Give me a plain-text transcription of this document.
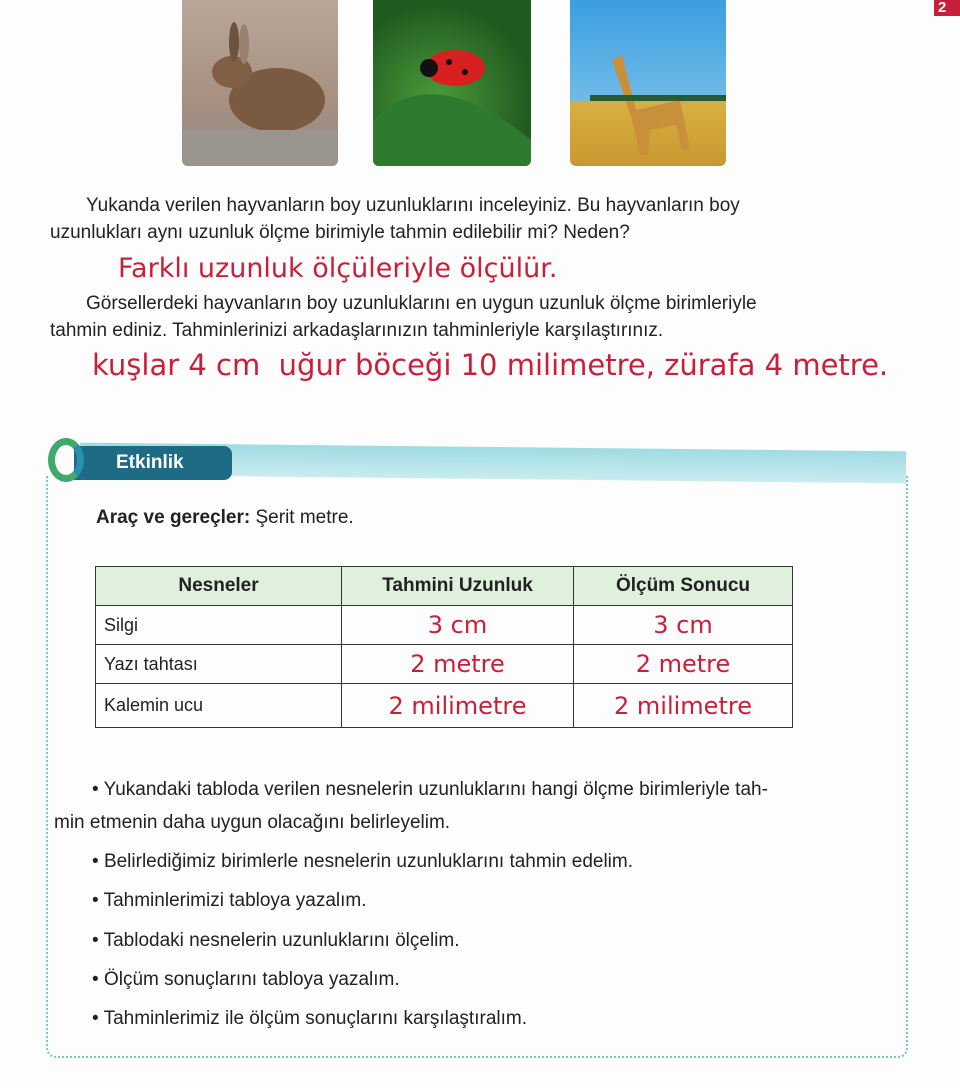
2
Yukanda verilen hayvanların boy uzunluklarını inceleyiniz. Bu hayvanların boy
uzunlukları aynı uzunluk ölçme birimiyle tahmin edilebilir mi? Neden?
Farklı uzunluk ölçüleriyle ölçülür.
Görsellerdeki hayvanların boy uzunluklarını en uygun uzunluk ölçme birimleriyle
tahmin ediniz. Tahminlerinizi arkadaşlarınızın tahminleriyle karşılaştırınız.
kuşlar 4 cm  uğur böceği 10 milimetre, zürafa 4 metre.
Etkinlik
Araç ve gereçler: Şerit metre.
Nesneler	Tahmini Uzunluk	Ölçüm Sonucu
Silgi	3 cm	3 cm
Yazı tahtası	2 metre	2 metre
Kalemin ucu	2 milimetre	2 milimetre
• Yukandaki tabloda verilen nesnelerin uzunluklarını hangi ölçme birimleriyle tah-
min etmenin daha uygun olacağını belirleyelim.
• Belirlediğimiz birimlerle nesnelerin uzunluklarını tahmin edelim.
• Tahminlerimizi tabloya yazalım.
• Tablodaki nesnelerin uzunluklarını ölçelim.
• Ölçüm sonuçlarını tabloya yazalım.
• Tahminlerimiz ile ölçüm sonuçlarını karşılaştıralım.
